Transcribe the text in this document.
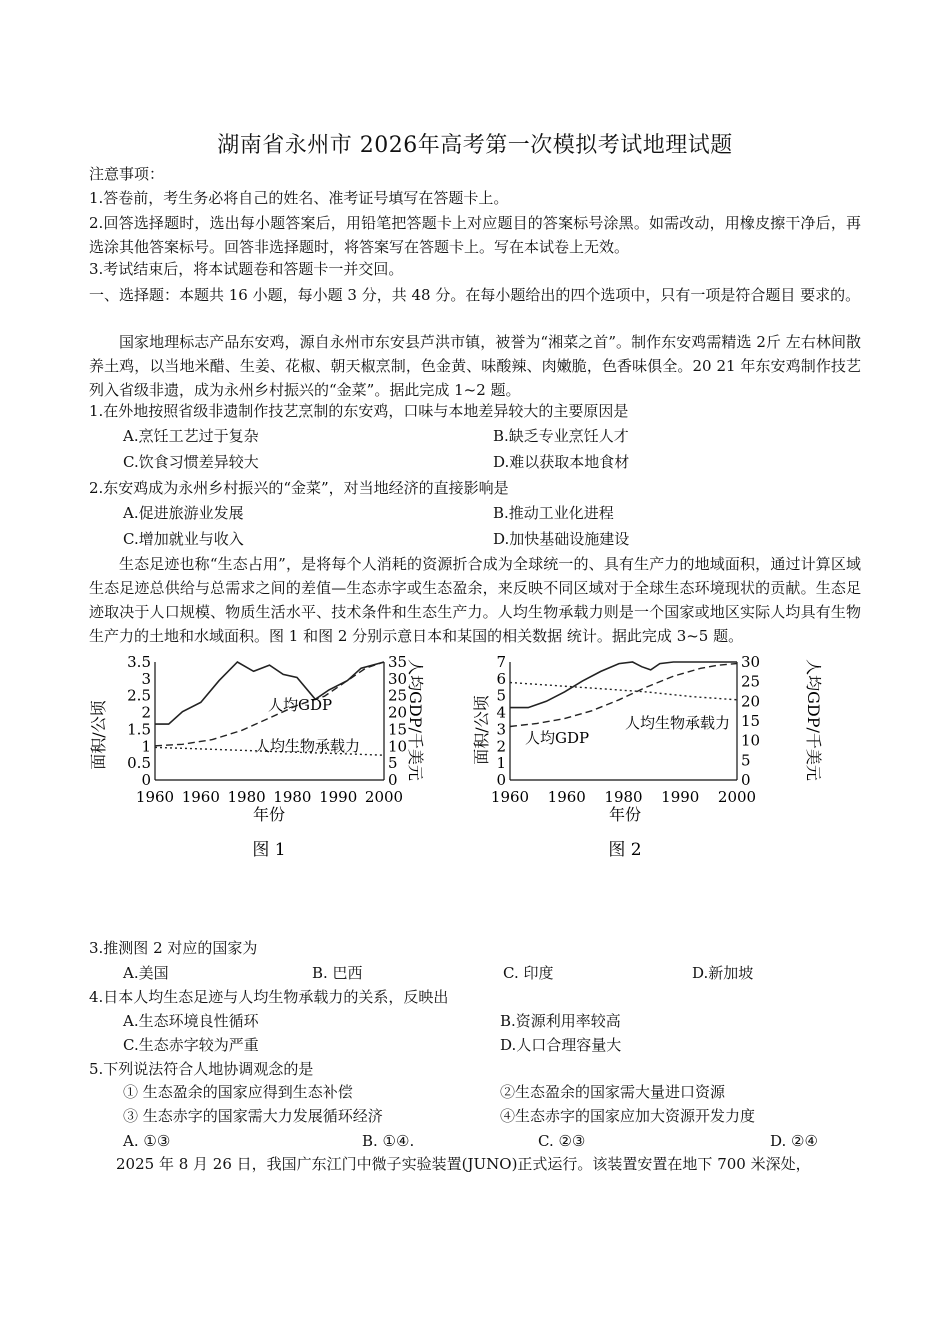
湖南省永州市 2026年高考第一次模拟考试地理试题
注意事项：
1.答卷前，考生务必将自己的姓名、准考证号填写在答题卡上。
2.回答选择题时，选出每小题答案后，用铅笔把答题卡上对应题目的答案标号涂黑。如需改动，用橡皮擦干净后，再选涂其他答案标号。回答非选择题时，将答案写在答题卡上。写在本试卷上无效。
3.考试结束后，将本试题卷和答题卡一并交回。
一、选择题：本题共 16 小题，每小题 3 分，共 48 分。在每小题给出的四个选项中，只有一项是符合题目 要求的。
国家地理标志产品东安鸡，源自永州市东安县芦洪市镇，被誉为“湘菜之首”。制作东安鸡需精选 2斤 左右林间散养土鸡，以当地米醋、生姜、花椒、朝天椒烹制，色金黄、味酸辣、肉嫩脆，色香味俱全。20 21 年东安鸡制作技艺列入省级非遗，成为永州乡村振兴的“金菜”。据此完成 1~2 题。
1.在外地按照省级非遗制作技艺烹制的东安鸡，口味与本地差异较大的主要原因是
A.烹饪工艺过于复杂	B.缺乏专业烹饪人才
C.饮食习惯差异较大	D.难以获取本地食材
2.东安鸡成为永州乡村振兴的“金菜”，对当地经济的直接影响是
A.促进旅游业发展	B.推动工业化进程
C.增加就业与收入	D.加快基础设施建设
生态足迹也称“生态占用”，是将每个人消耗的资源折合成为全球统一的、具有生产力的地域面积，通过计算区域生态足迹总供给与总需求之间的差值—生态赤字或生态盈余，来反映不同区域对于全球生态环境现状的贡献。生态足迹取决于人口规模、物质生活水平、技术条件和生态生产力。人均生物承载力则是一个国家或地区实际人均具有生物生产力的土地和水域面积。图 1 和图 2 分别示意日本和某国的相关数据 统计。据此完成 3~5 题。
0
0.5
1
1.5
2
2.5
3
3.5
0
5
10
15
20
25
30
35
1960 1960 1980 1980 1990 2000
面积/公顷	人均GDP/千美元
年份
人均GDP
人均生物承载力
图 1
0
1
2
3
4
5
6
7
0
5
10
15
20
25
30
1960 1960 1980 1990 2000
面积/公顷	人均GDP/千美元
年份
人均GDP
人均生物承载力
图 2
3.推测图 2 对应的国家为
A.美国	B. 巴西	C. 印度	D.新加坡
4.日本人均生态足迹与人均生物承载力的关系，反映出
A.生态环境良性循环	B.资源利用率较高
C.生态赤字较为严重	D.人口合理容量大
5.下列说法符合人地协调观念的是
① 生态盈余的国家应得到生态补偿	②生态盈余的国家需大量进口资源
③ 生态赤字的国家需大力发展循环经济	④生态赤字的国家应加大资源开发力度
A. ①③	B. ①④.	C. ②③	D. ②④
2025 年 8 月 26 日，我国广东江门中微子实验装置(JUNO)正式运行。该装置安置在地下 700 米深处，
